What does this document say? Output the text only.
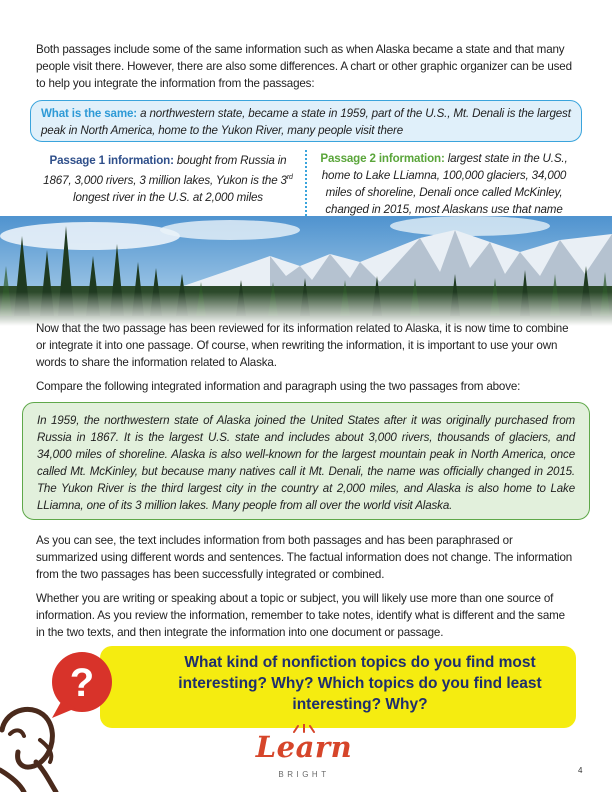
Both passages include some of the same information such as when Alaska became a state and that many people visit there. However, there are also some differences. A chart or other graphic organizer can be used to help you integrate the information from the passages:

What is the same: a northwestern state, became a state in 1959, part of the U.S., Mt. Denali is the largest peak in North America, home to the Yukon River, many people visit there
Passage 1 information: bought from Russia in 1867, 3,000 rivers, 3 million lakes, Yukon is the 3rd longest river in the U.S. at 2,000 miles
Passage 2 information: largest state in the U.S., home to Lake LLiamna, 100,000 glaciers, 34,000 miles of shoreline, Denali once called McKinley, changed in 2015, most Alaskans use that name

Now that the two passage has been reviewed for its information related to Alaska, it is now time to combine or integrate it into one passage. Of course, when rewriting the information, it is important to use your own words to share the information related to Alaska.

Compare the following integrated information and paragraph using the two passages from above:

In 1959, the northwestern state of Alaska joined the United States after it was originally purchased from Russia in 1867. It is the largest U.S. state and includes about 3,000 rivers, thousands of glaciers, and 34,000 miles of shoreline. Alaska is also well-known for the largest mountain peak in North America, once called Mt. McKinley, but because many natives call it Mt. Denali, the name was officially changed in 2015. The Yukon River is the third largest city in the country at 2,000 miles, and Alaska is also home to Lake LLiamna, one of its 3 million lakes. Many people from all over the world visit Alaska.

As you can see, the text includes information from both passages and has been paraphrased or summarized using different words and sentences. The factual information does not change. The information from the two passages has been successfully integrated or combined.

Whether you are writing or speaking about a topic or subject, you will likely use more than one source of information. As you review the information, remember to take notes, identify what is different and the same in the two texts, and then integrate the information into one document or passage.

What kind of nonfiction topics do you find most interesting? Why? Which topics do you find least interesting? Why?
?
Learn
BRIGHT	4
